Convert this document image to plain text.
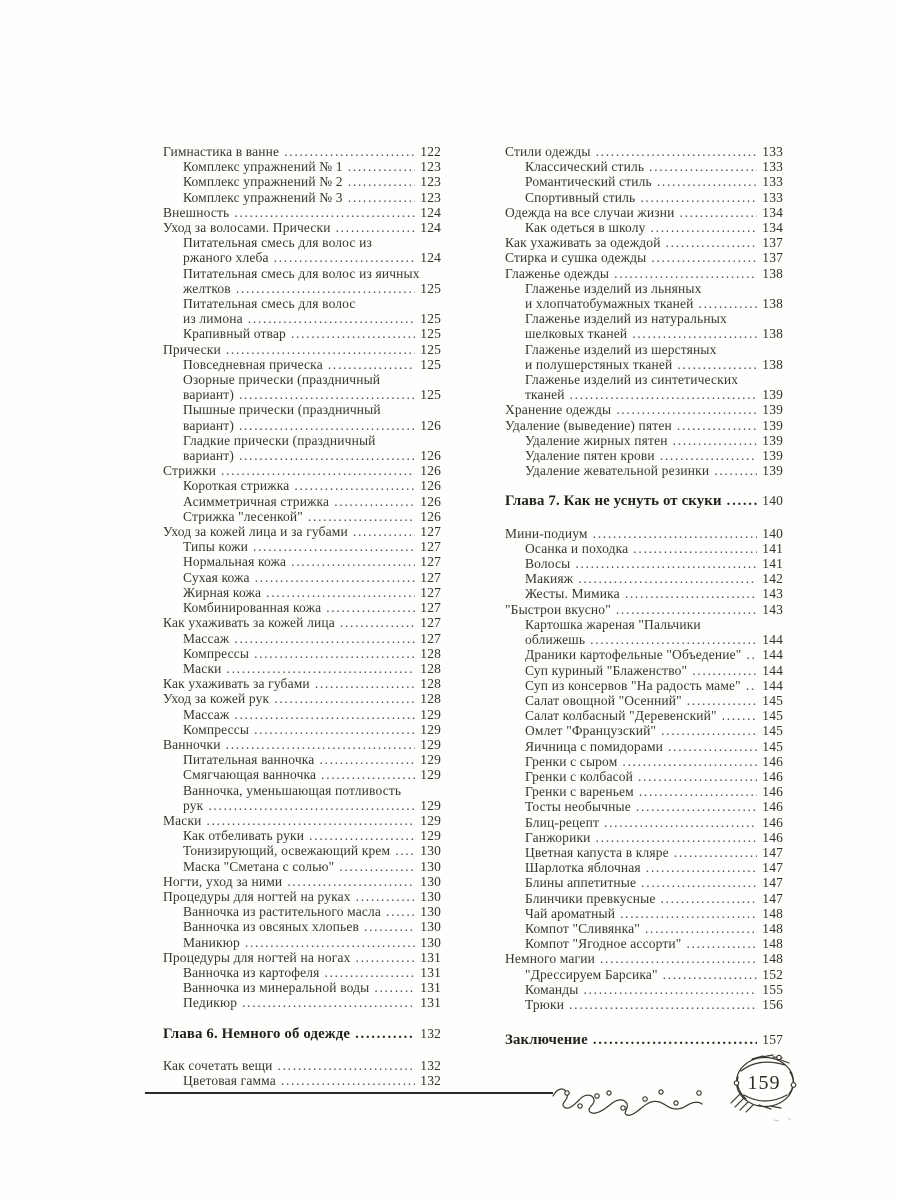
Гимнастика в ванне .....	122
Комплекс упражнений № 1 .....	123
Комплекс упражнений № 2 .....	123
Комплекс упражнений № 3 .....	123
Внешность .....	124
Уход за волосами. Прически .....	124
Питательная смесь для волос из
ржаного хлеба .....	124
Питательная смесь для волос из яичных
желтков .....	125
Питательная смесь для волос
из лимона .....	125
Крапивный отвар .....	125
Прически .....	125
Повседневная прическа .....	125
Озорные прически (праздничный
вариант) .....	125
Пышные прически (праздничный
вариант) .....	126
Гладкие прически (праздничный
вариант) .....	126
Стрижки .....	126
Короткая стрижка .....	126
Асимметричная стрижка .....	126
Стрижка "лесенкой" .....	126
Уход за кожей лица и за губами .....	127
Типы кожи .....	127
Нормальная кожа .....	127
Сухая кожа .....	127
Жирная кожа .....	127
Комбинированная кожа .....	127
Как ухаживать за кожей лица .....	127
Массаж .....	127
Компрессы .....	128
Маски .....	128
Как ухаживать за губами .....	128
Уход за кожей рук .....	128
Массаж .....	129
Компрессы .....	129
Ванночки .....	129
Питательная ванночка .....	129
Смягчающая ванночка .....	129
Ванночка, уменьшающая потливость
рук .....	129
Маски .....	129
Как отбеливать руки .....	129
Тонизирующий, освежающий крем ..... 130
Маска "Сметана с солью" .....	130
Ногти, уход за ними .....	130
Процедуры для ногтей на руках .....	130
Ванночка из растительного масла .....	130
Ванночка из овсяных хлопьев .....	130
Маникюр .....	130
Процедуры для ногтей на ногах .....	131
Ванночка из картофеля .....	131
Ванночка из минеральной воды .....	131
Педикюр .....	131
Глава 6. Немного об одежде .....	132
Как сочетать вещи .....	132
Цветовая гамма .....	132
Стили одежды .....	133
Классический стиль .....	133
Романтический стиль .....	133
Спортивный стиль .....	133
Одежда на все случаи жизни .....	134
Как одеться в школу .....	134
Как ухаживать за одеждой .....	137
Стирка и сушка одежды .....	137
Глаженье одежды .....	138
Глаженье изделий из льняных
и хлопчатобумажных тканей .....	138
Глаженье изделий из натуральных
шелковых тканей .....	138
Глаженье изделий из шерстяных
и полушерстяных тканей .....	138
Глаженье изделий из синтетических
тканей .....	139
Хранение одежды .....	139
Удаление (выведение) пятен .....	139
Удаление жирных пятен .....	139
Удаление пятен крови .....	139
Удаление жевательной резинки .....	139
Глава 7. Как не уснуть от скуки .....	140
Мини-подиум .....	140
Осанка и походка .....	141
Волосы .....	141
Макияж .....	142
Жесты. Мимика .....	143
"Быстрои вкусно" .....	143
Картошка жареная "Пальчики
оближешь .....	144
Драники картофельные "Объедение" ..... 144
Суп куриный "Блаженство" .....	144
Суп из консервов "На радость маме" ..... 144
Салат овощной "Осенний" .....	145
Салат колбасный "Деревенский" .....	145
Омлет "Французский" .....	145
Яичница с помидорами .....	145
Гренки с сыром .....	146
Гренки с колбасой .....	146
Гренки с вареньем .....	146
Тосты необычные .....	146
Блиц-рецепт .....	146
Ганжорики .....	146
Цветная капуста в кляре .....	147
Шарлотка яблочная .....	147
Блины аппетитные .....	147
Блинчики превкусные .....	147
Чай ароматный .....	148
Компот "Сливянка" .....	148
Компот "Ягодное ассорти" .....	148
Немного магии .....	148
"Дрессируем Барсика" .....	152
Команды .....	155
Трюки .....	156
Заключение .....	157
159
